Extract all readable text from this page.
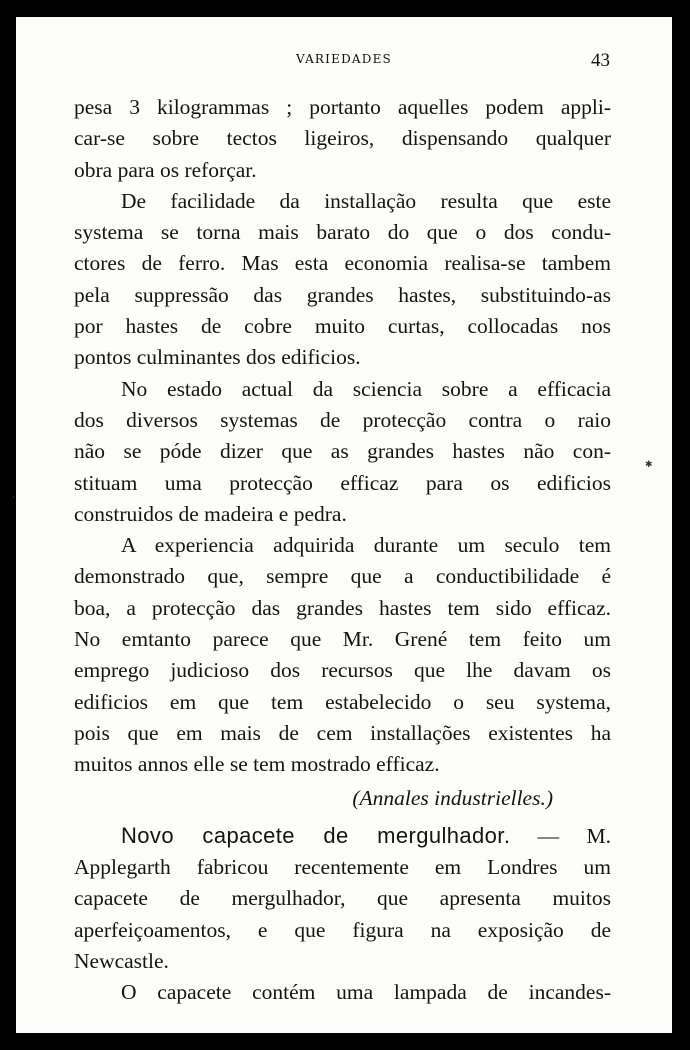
VARIEDADES	43
pesa 3 kilogrammas ; portanto aquelles podem appli-
car-se sobre tectos ligeiros, dispensando qualquer
obra para os reforçar.
De facilidade da installação resulta que este
systema se torna mais barato do que o dos condu-
ctores de ferro. Mas esta economia realisa-se tambem
pela suppressão das grandes hastes, substituindo-as
por hastes de cobre muito curtas, collocadas nos
pontos culminantes dos edificios.
No estado actual da sciencia sobre a efficacia
dos diversos systemas de protecção contra o raio
não se póde dizer que as grandes hastes não con-
stituam uma protecção efficaz para os edificios
construidos de madeira e pedra.
A experiencia adquirida durante um seculo tem
demonstrado que, sempre que a conductibilidade é
boa, a protecção das grandes hastes tem sido efficaz.
No emtanto parece que Mr. Grené tem feito um
emprego judicioso dos recursos que lhe davam os
edificios em que tem estabelecido o seu systema,
pois que em mais de cem installações existentes ha
muitos annos elle se tem mostrado efficaz.
(Annales industrielles.)
Novo capacete de mergulhador. — M.
Applegarth fabricou recentemente em Londres um
capacete de mergulhador, que apresenta muitos
aperfeiçoamentos, e que figura na exposição de
Newcastle.
O capacete contém uma lampada de incandes-
✱
ˈ
